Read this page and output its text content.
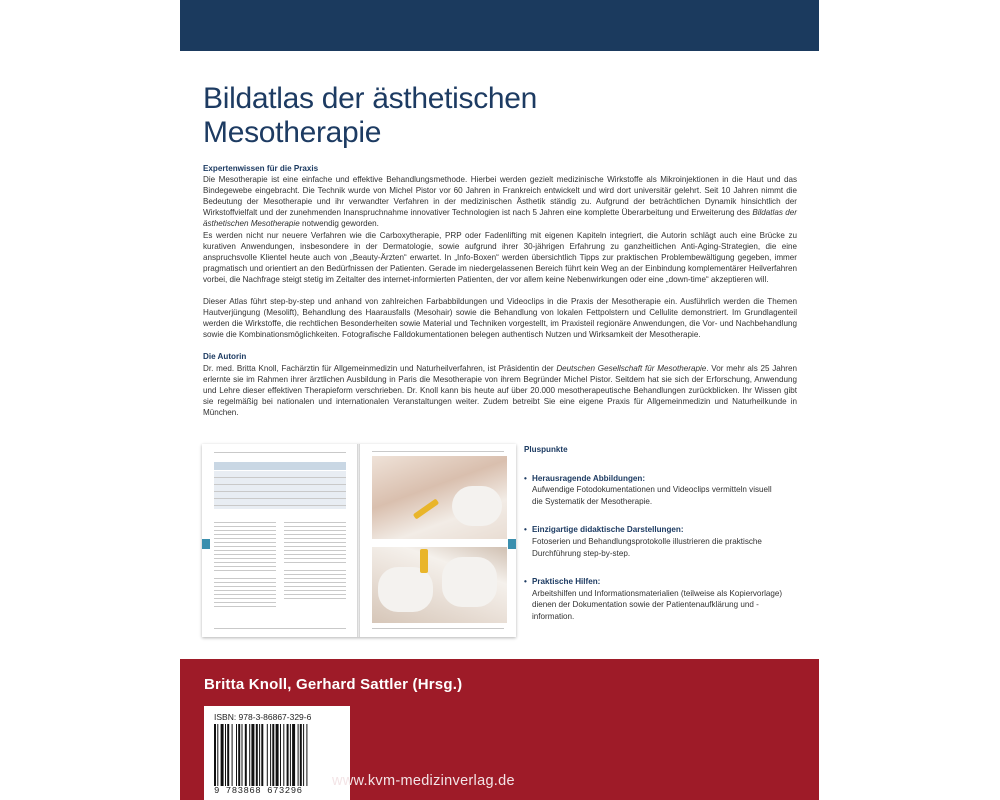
Bildatlas der ästhetischen
Mesotherapie
Expertenwissen für die Praxis

Die Mesotherapie ist eine einfache und effektive Behandlungsmethode. Hierbei werden gezielt medizinische Wirkstoffe als Mikroinjektionen in die Haut und das Bindegewebe eingebracht. Die Technik wurde von Michel Pistor vor 60 Jahren in Frankreich entwickelt und wird dort universitär gelehrt. Seit 10 Jahren nimmt die Bedeutung der Mesotherapie und ihr verwandter Verfahren in der medizinischen Ästhetik ständig zu. Aufgrund der beträchtlichen Dynamik hinsichtlich der Wirkstoffvielfalt und der zunehmenden Inanspruchnahme innovativer Technologien ist nach 5 Jahren eine komplette Überarbeitung und Erweiterung des Bildatlas der ästhetischen Mesotherapie notwendig geworden.

Es werden nicht nur neuere Verfahren wie die Carboxytherapie, PRP oder Fadenlifting mit eigenen Kapiteln integriert, die Autorin schlägt auch eine Brücke zu kurativen Anwendungen, insbesondere in der Dermatologie, sowie aufgrund ihrer 30-jährigen Erfahrung zu ganzheitlichen Anti-Aging-Strategien, die eine anspruchsvolle Klientel heute auch von „Beauty-Ärzten“ erwartet. In „Info-Boxen“ werden übersichtlich Tipps zur praktischen Problembewältigung gegeben, immer pragmatisch und orientiert an den Bedürfnissen der Patienten. Gerade im niedergelassenen Bereich führt kein Weg an der Einbindung komplementärer Heilverfahren vorbei, die Nachfrage steigt stetig im Zeitalter des internet-informierten Patienten, der vor allem keine Nebenwirkungen oder eine „down-time“ akzeptieren will.

Dieser Atlas führt step-by-step und anhand von zahlreichen Farbabbildungen und Videoclips in die Praxis der Mesotherapie ein. Ausführlich werden die Themen Hautverjüngung (Mesolift), Behandlung des Haarausfalls (Mesohair) sowie die Behandlung von lokalen Fettpolstern und Cellulite demonstriert. Im Grundlagenteil werden die Wirkstoffe, die rechtlichen Besonderheiten sowie Material und Techniken vorgestellt, im Praxisteil regionäre Anwendungen, die Vor- und Nachbehandlung sowie die Kombinationsmöglichkeiten. Fotografische Falldokumentationen belegen authentisch Nutzen und Wirksamkeit der Mesotherapie.

Die Autorin

Dr. med. Britta Knoll, Fachärztin für Allgemeinmedizin und Naturheilverfahren, ist Präsidentin der Deutschen Gesellschaft für Mesotherapie. Vor mehr als 25 Jahren erlernte sie im Rahmen ihrer ärztlichen Ausbildung in Paris die Mesotherapie von ihrem Begründer Michel Pistor. Seitdem hat sie sich der Erforschung, Anwendung und Lehre dieser effektiven Therapieform verschrieben. Dr. Knoll kann bis heute auf über 20.000 mesotherapeutische Behandlungen zurückblicken. Ihr Wissen gibt sie regelmäßig bei nationalen und internationalen Veranstaltungen weiter. Zudem betreibt Sie eine eigene Praxis für Allgemeinmedizin und Naturheilkunde in München.

Pluspunkte
• Herausragende Abbildungen:
Aufwendige Fotodokumentationen und Videoclips vermitteln visuell die Systematik der Mesotherapie.
• Einzigartige didaktische Darstellungen:
Fotoserien und Behandlungsprotokolle illustrieren die praktische Durchführung step-by-step.
• Praktische Hilfen:
Arbeitshilfen und Informationsmaterialien (teilweise als Kopiervorlage) dienen der Dokumentation sowie der Patientenaufklärung und -information.
Britta Knoll, Gerhard Sattler (Hrsg.)
ISBN: 978-3-86867-329-6
9 783868 673296
www.kvm-medizinverlag.de
